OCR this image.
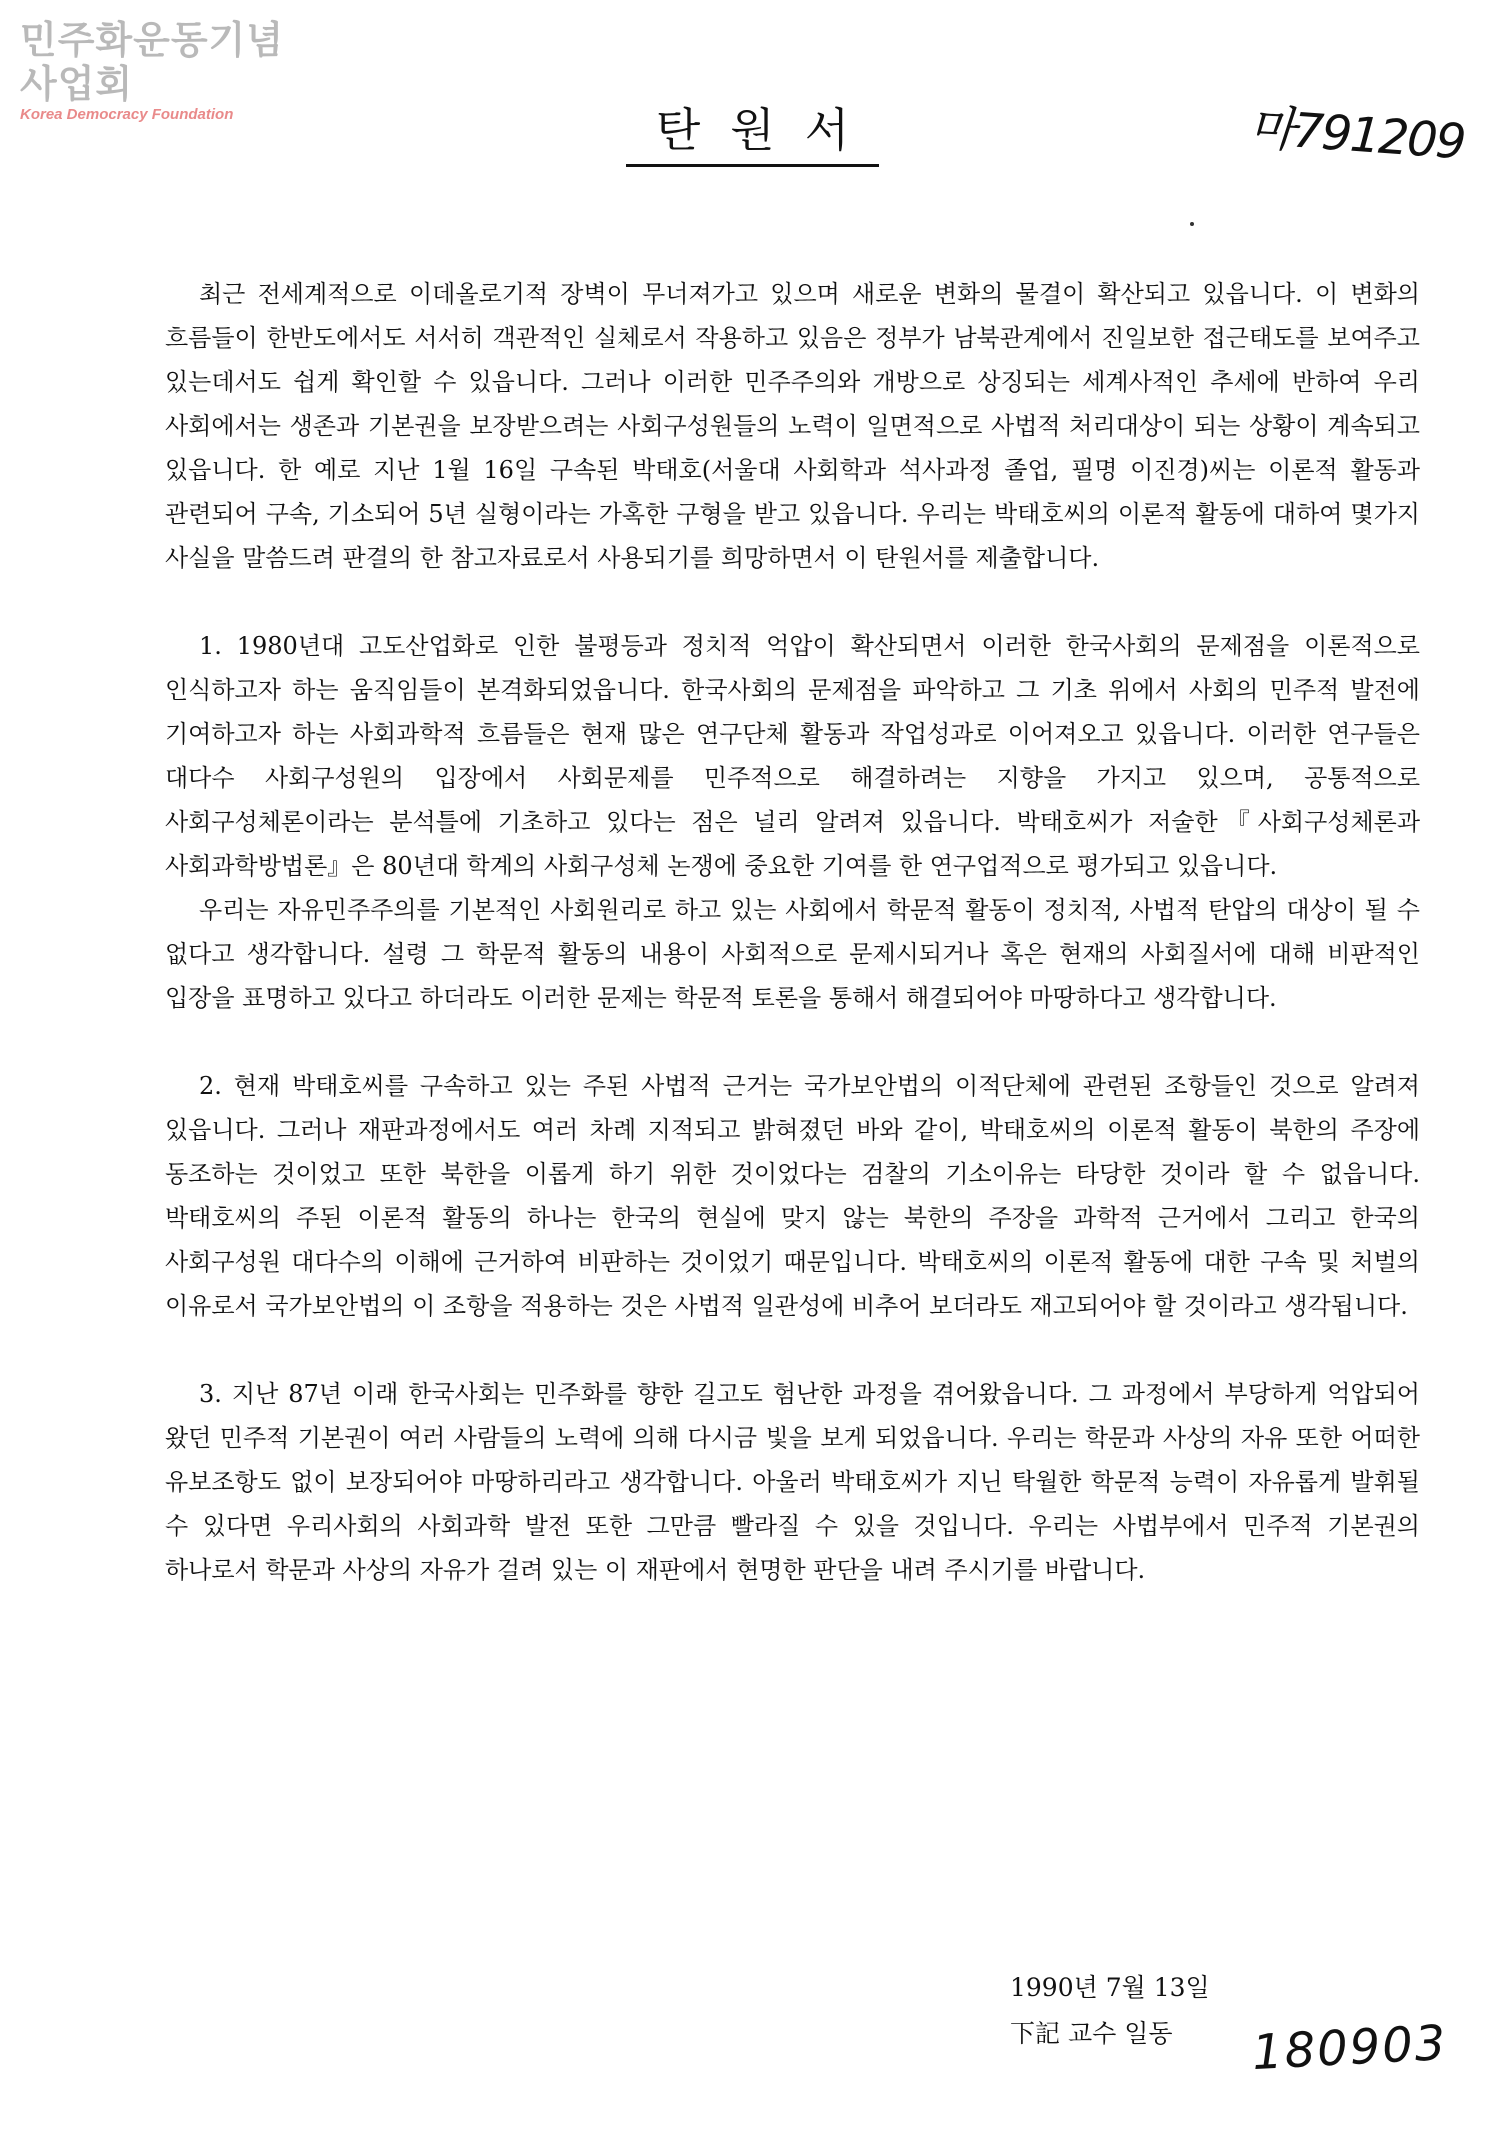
민주화운동기념사업회
Korea Democracy Foundation	마791209
탄원서

최근 전세계적으로 이데올로기적 장벽이 무너져가고 있으며 새로운 변화의 물결이 확산되고 있읍니다. 이 변화의 흐름들이 한반도에서도 서서히 객관적인 실체로서 작용하고 있음은 정부가 남북관계에서 진일보한 접근태도를 보여주고 있는데서도 쉽게 확인할 수 있읍니다. 그러나 이러한 민주주의와 개방으로 상징되는 세계사적인 추세에 반하여 우리 사회에서는 생존과 기본권을 보장받으려는 사회구성원들의 노력이 일면적으로 사법적 처리대상이 되는 상황이 계속되고 있읍니다. 한 예로 지난 1월 16일 구속된 박태호(서울대 사회학과 석사과정 졸업, 필명 이진경)씨는 이론적 활동과 관련되어 구속, 기소되어 5년 실형이라는 가혹한 구형을 받고 있읍니다. 우리는 박태호씨의 이론적 활동에 대하여 몇가지 사실을 말씀드려 판결의 한 참고자료로서 사용되기를 희망하면서 이 탄원서를 제출합니다.

1. 1980년대 고도산업화로 인한 불평등과 정치적 억압이 확산되면서 이러한 한국사회의 문제점을 이론적으로 인식하고자 하는 움직임들이 본격화되었읍니다. 한국사회의 문제점을 파악하고 그 기초 위에서 사회의 민주적 발전에 기여하고자 하는 사회과학적 흐름들은 현재 많은 연구단체 활동과 작업성과로 이어져오고 있읍니다. 이러한 연구들은 대다수 사회구성원의 입장에서 사회문제를 민주적으로 해결하려는 지향을 가지고 있으며, 공통적으로 사회구성체론이라는 분석틀에 기초하고 있다는 점은 널리 알려져 있읍니다. 박태호씨가 저술한『사회구성체론과 사회과학방법론』은 80년대 학계의 사회구성체 논쟁에 중요한 기여를 한 연구업적으로 평가되고 있읍니다.

우리는 자유민주주의를 기본적인 사회원리로 하고 있는 사회에서 학문적 활동이 정치적, 사법적 탄압의 대상이 될 수 없다고 생각합니다. 설령 그 학문적 활동의 내용이 사회적으로 문제시되거나 혹은 현재의 사회질서에 대해 비판적인 입장을 표명하고 있다고 하더라도 이러한 문제는 학문적 토론을 통해서 해결되어야 마땅하다고 생각합니다.

2. 현재 박태호씨를 구속하고 있는 주된 사법적 근거는 국가보안법의 이적단체에 관련된 조항들인 것으로 알려져 있읍니다. 그러나 재판과정에서도 여러 차례 지적되고 밝혀졌던 바와 같이, 박태호씨의 이론적 활동이 북한의 주장에 동조하는 것이었고 또한 북한을 이롭게 하기 위한 것이었다는 검찰의 기소이유는 타당한 것이라 할 수 없읍니다. 박태호씨의 주된 이론적 활동의 하나는 한국의 현실에 맞지 않는 북한의 주장을 과학적 근거에서 그리고 한국의 사회구성원 대다수의 이해에 근거하여 비판하는 것이었기 때문입니다. 박태호씨의 이론적 활동에 대한 구속 및 처벌의 이유로서 국가보안법의 이 조항을 적용하는 것은 사법적 일관성에 비추어 보더라도 재고되어야 할 것이라고 생각됩니다.

3. 지난 87년 이래 한국사회는 민주화를 향한 길고도 험난한 과정을 겪어왔읍니다. 그 과정에서 부당하게 억압되어 왔던 민주적 기본권이 여러 사람들의 노력에 의해 다시금 빛을 보게 되었읍니다. 우리는 학문과 사상의 자유 또한 어떠한 유보조항도 없이 보장되어야 마땅하리라고 생각합니다. 아울러 박태호씨가 지닌 탁월한 학문적 능력이 자유롭게 발휘될 수 있다면 우리사회의 사회과학 발전 또한 그만큼 빨라질 수 있을 것입니다. 우리는 사법부에서 민주적 기본권의 하나로서 학문과 사상의 자유가 걸려 있는 이 재판에서 현명한 판단을 내려 주시기를 바랍니다.

1990년 7월 13일
下記 교수 일동	180903
